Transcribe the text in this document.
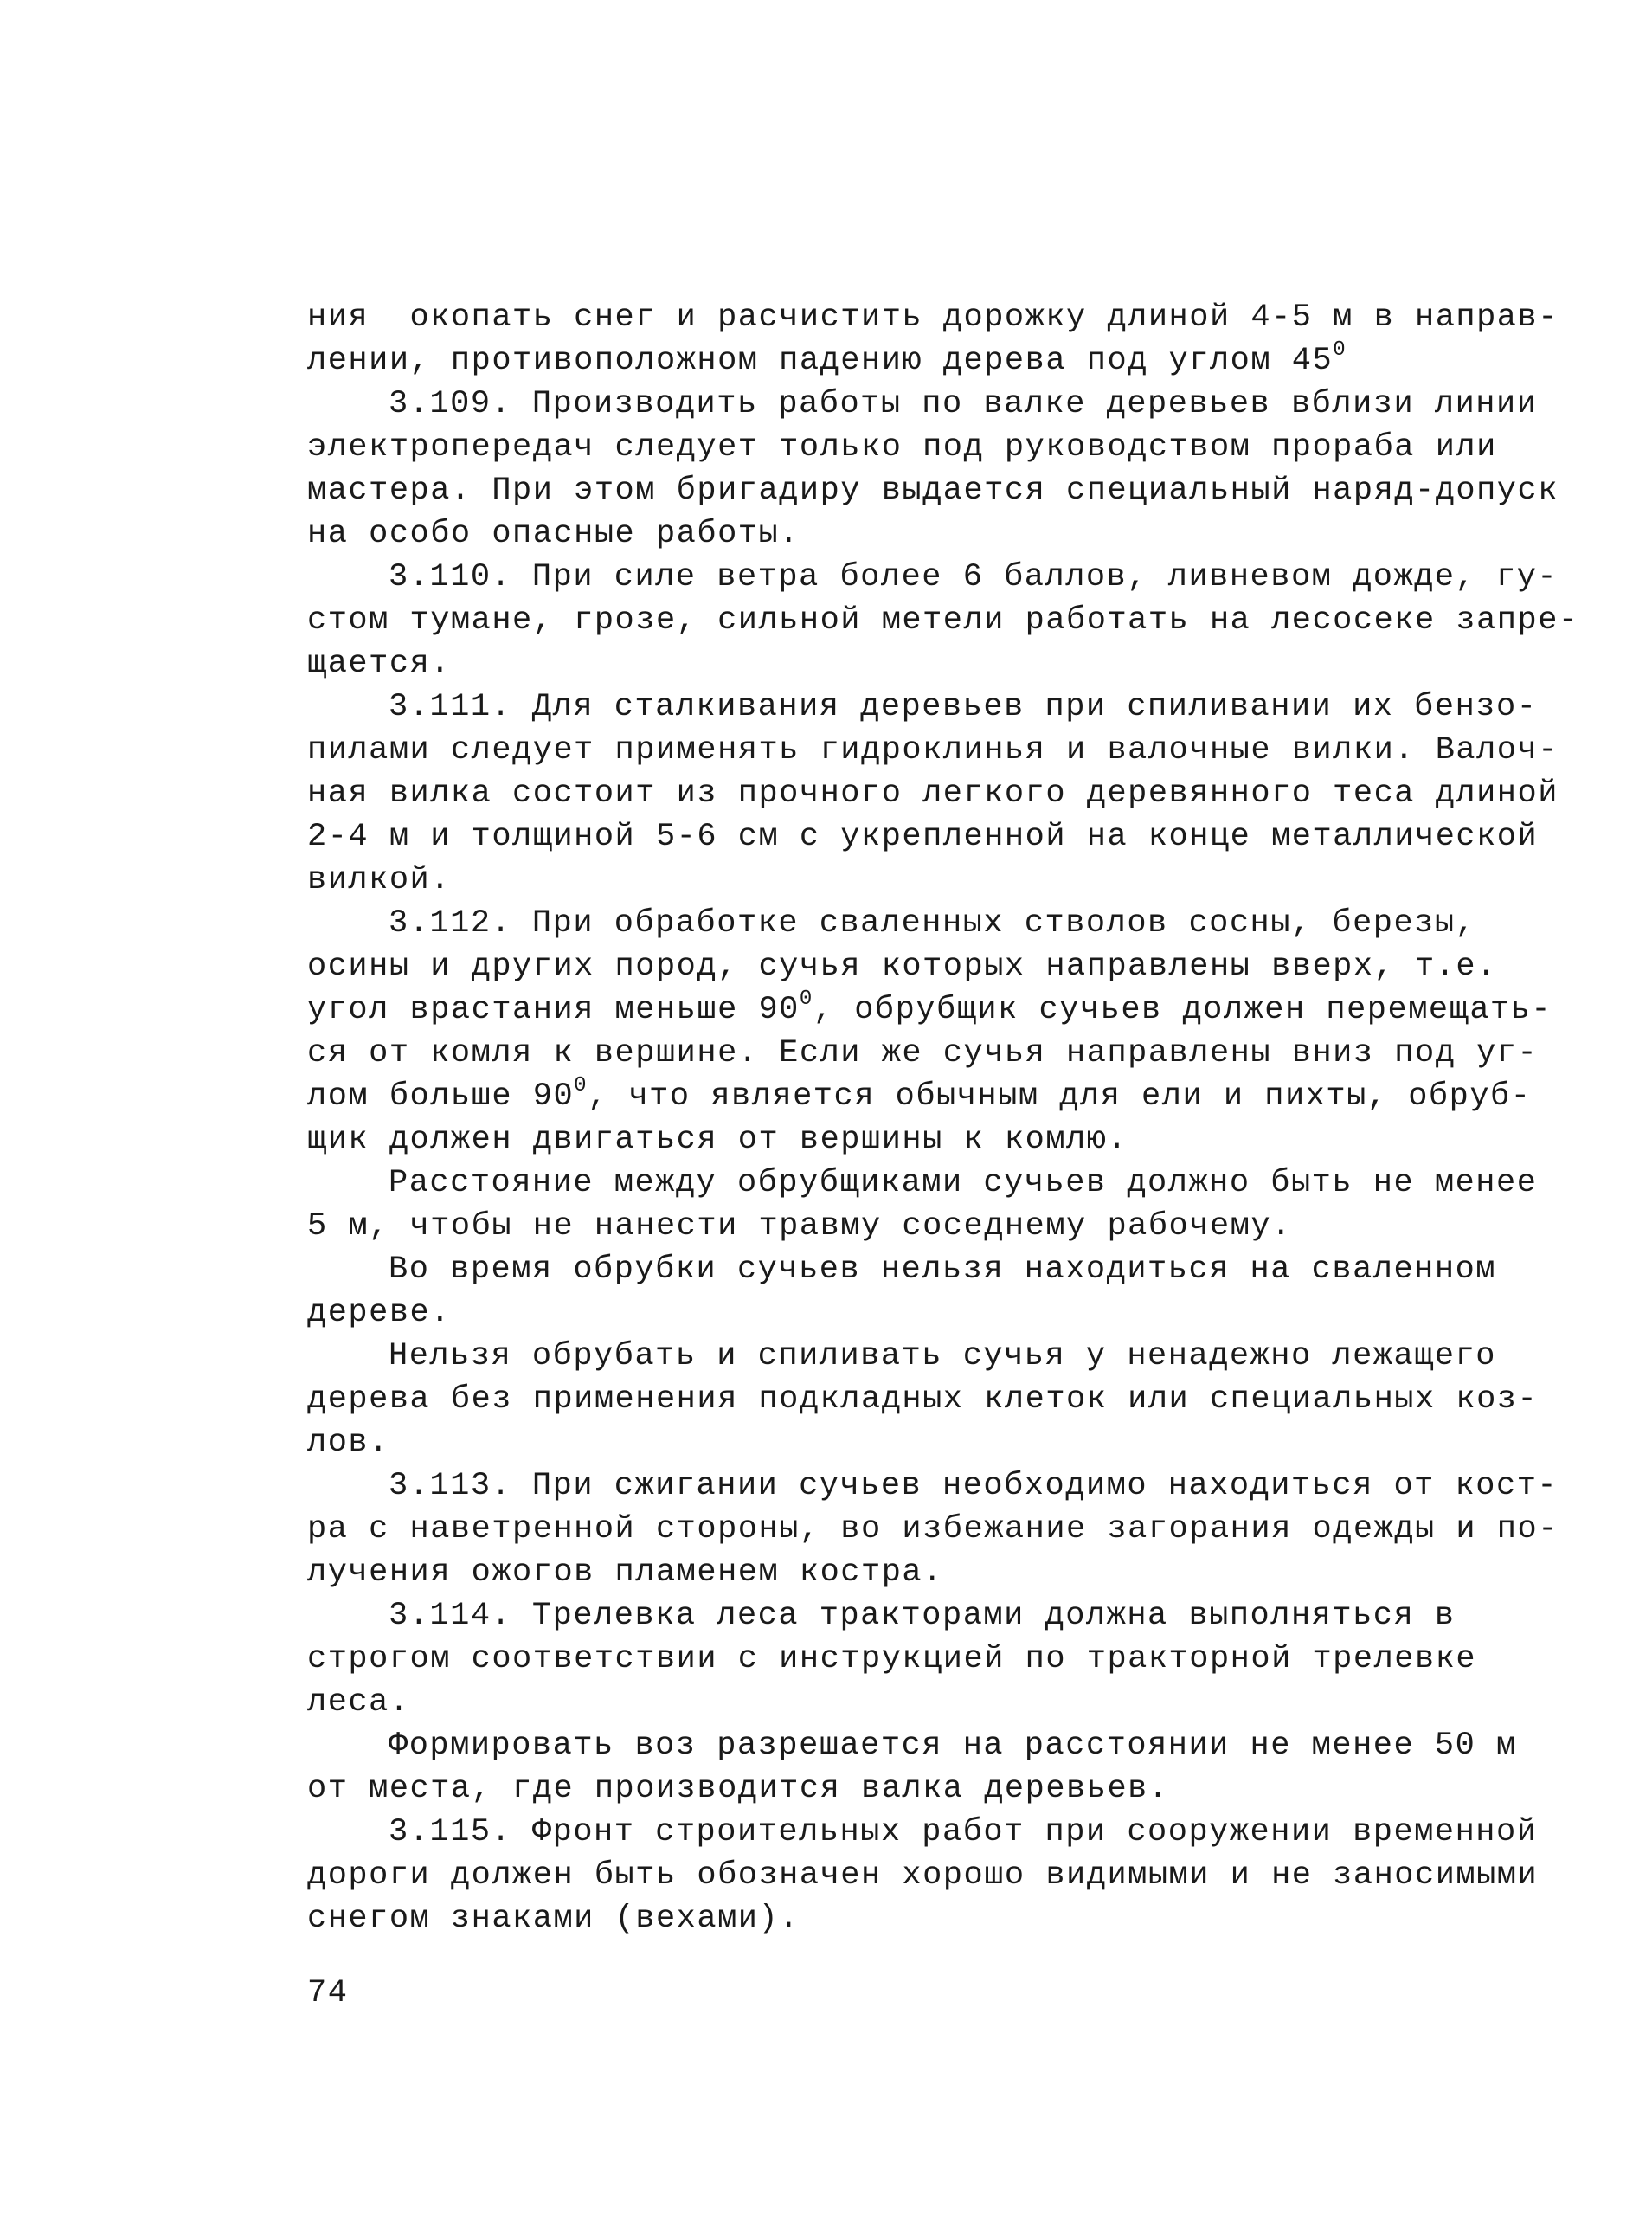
ния  окопать снег и расчистить дорожку длиной 4-5 м в направ-
лении, противоположном падению дерева под углом $45^0$
3.109. Производить работы по валке деревьев вблизи линии
электропередач следует только под руководством прораба или
мастера. При этом бригадиру выдается специальный наряд-допуск
на особо опасные работы.
3.110. При силе ветра более 6 баллов, ливневом дожде, гу-
стом тумане, грозе, сильной метели работать на лесосеке запре-
щается.
3.111. Для сталкивания деревьев при спиливании их бензо-
пилами следует применять гидроклинья и валочные вилки. Валоч-
ная вилка состоит из прочного легкого деревянного теса длиной
2-4 м и толщиной 5-6 см с укрепленной на конце металлической
вилкой.
3.112. При обработке сваленных стволов сосны, березы,
осины и других пород, сучья которых направлены вверх, т.е.
угол врастания меньше $90^0$, обрубщик сучьев должен перемещать-
ся от комля к вершине. Если же сучья направлены вниз под уг-
лом больше $90^0$, что является обычным для ели и пихты, обруб-
щик должен двигаться от вершины к комлю.
Расстояние между обрубщиками сучьев должно быть не менее
5 м, чтобы не нанести травму соседнему рабочему.
Во время обрубки сучьев нельзя находиться на сваленном
дереве.
Нельзя обрубать и спиливать сучья у ненадежно лежащего
дерева без применения подкладных клеток или специальных коз-
лов.
3.113. При сжигании сучьев необходимо находиться от кост-
ра с наветренной стороны, во избежание загорания одежды и по-
лучения ожогов пламенем костра.
3.114. Трелевка леса тракторами должна выполняться в
строгом соответствии с инструкцией по тракторной трелевке
леса.
Формировать воз разрешается на расстоянии не менее 50 м
от места, где производится валка деревьев.
3.115. Фронт строительных работ при сооружении временной
дороги должен быть обозначен хорошо видимыми и не заносимыми
снегом знаками (вехами).
74
